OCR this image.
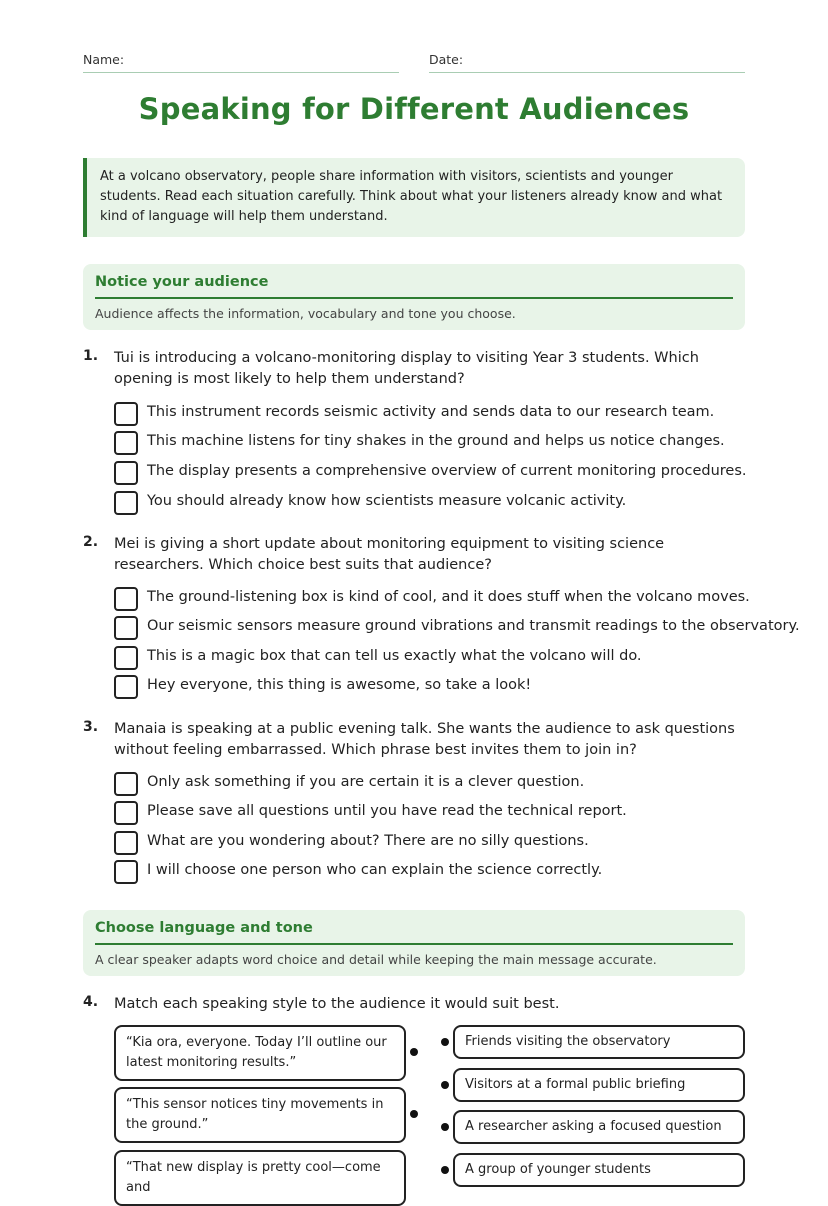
Name:	Date:
Speaking for Different Audiences
At a volcano observatory, people share information with visitors, scientists and younger students. Read each situation carefully. Think about what your listeners already know and what kind of language will help them understand.
Notice your audience
Audience affects the information, vocabulary and tone you choose.
1. Tui is introducing a volcano-monitoring display to visiting Year 3 students. Which opening is most likely to help them understand?
This instrument records seismic activity and sends data to our research team.
This machine listens for tiny shakes in the ground and helps us notice changes.
The display presents a comprehensive overview of current monitoring procedures.
You should already know how scientists measure volcanic activity.
2. Mei is giving a short update about monitoring equipment to visiting science researchers. Which choice best suits that audience?
The ground-listening box is kind of cool, and it does stuff when the volcano moves.
Our seismic sensors measure ground vibrations and transmit readings to the observatory.
This is a magic box that can tell us exactly what the volcano will do.
Hey everyone, this thing is awesome, so take a look!
3. Manaia is speaking at a public evening talk. She wants the audience to ask questions without feeling embarrassed. Which phrase best invites them to join in?
Only ask something if you are certain it is a clever question.
Please save all questions until you have read the technical report.
What are you wondering about? There are no silly questions.
I will choose one person who can explain the science correctly.
Choose language and tone
A clear speaker adapts word choice and detail while keeping the main message accurate.
4. Match each speaking style to the audience it would suit best.
“Kia ora, everyone. Today I’ll outline our latest monitoring results.”
“This sensor notices tiny movements in the ground.”
“That new display is pretty cool—come and
Friends visiting the observatory
Visitors at a formal public briefing
A researcher asking a focused question
A group of younger students
